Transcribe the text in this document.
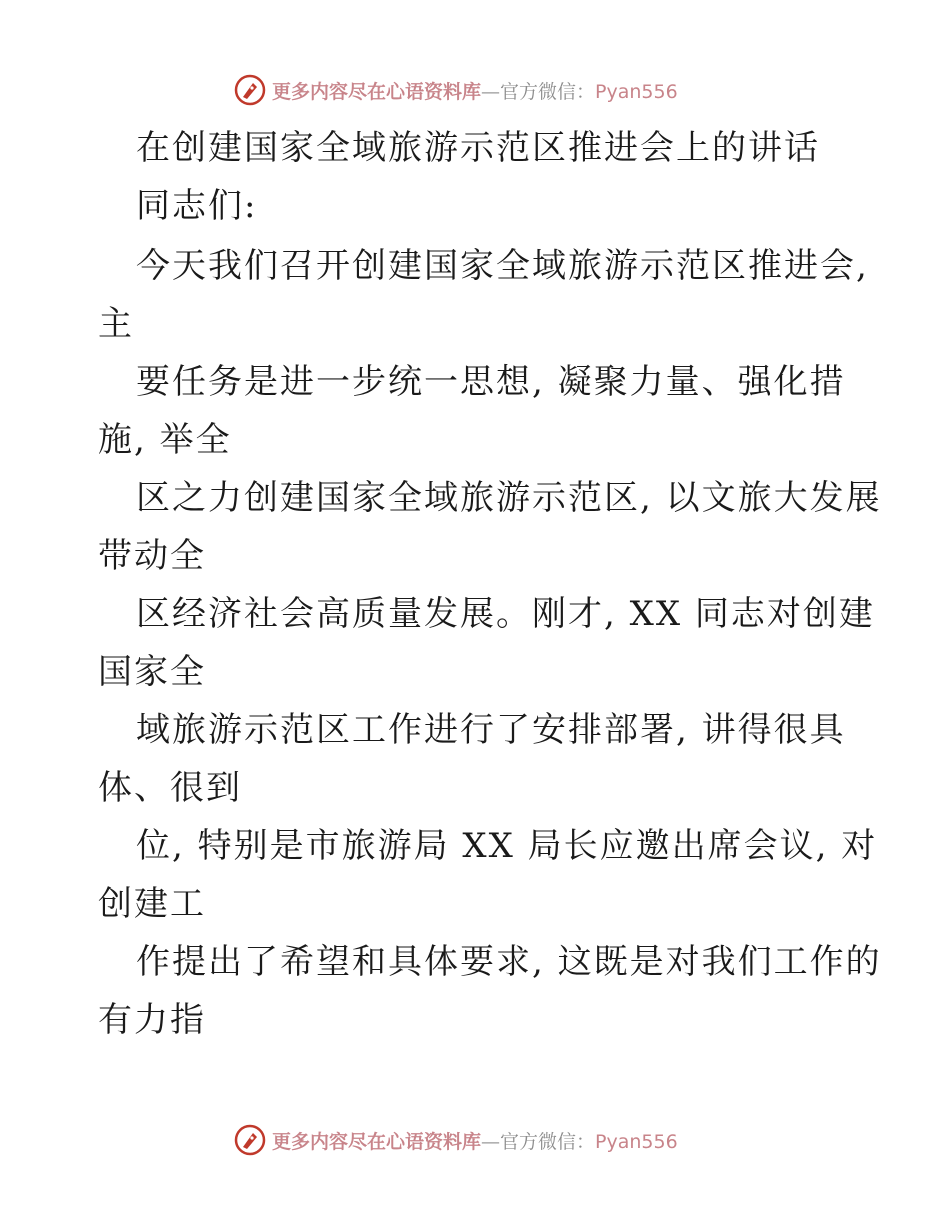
更多内容尽在心语资料库—官方微信：Pyan556
在创建国家全域旅游示范区推进会上的讲话
同志们:
今天我们召开创建国家全域旅游示范区推进会,
主
要任务是进一步统一思想, 凝聚力量、强化措
施, 举全
区之力创建国家全域旅游示范区, 以文旅大发展
带动全
区经济社会高质量发展。刚才, XX 同志对创建
国家全
域旅游示范区工作进行了安排部署, 讲得很具
体、很到
位, 特别是市旅游局 XX 局长应邀出席会议, 对
创建工
作提出了希望和具体要求, 这既是对我们工作的
有力指
更多内容尽在心语资料库—官方微信：Pyan556
